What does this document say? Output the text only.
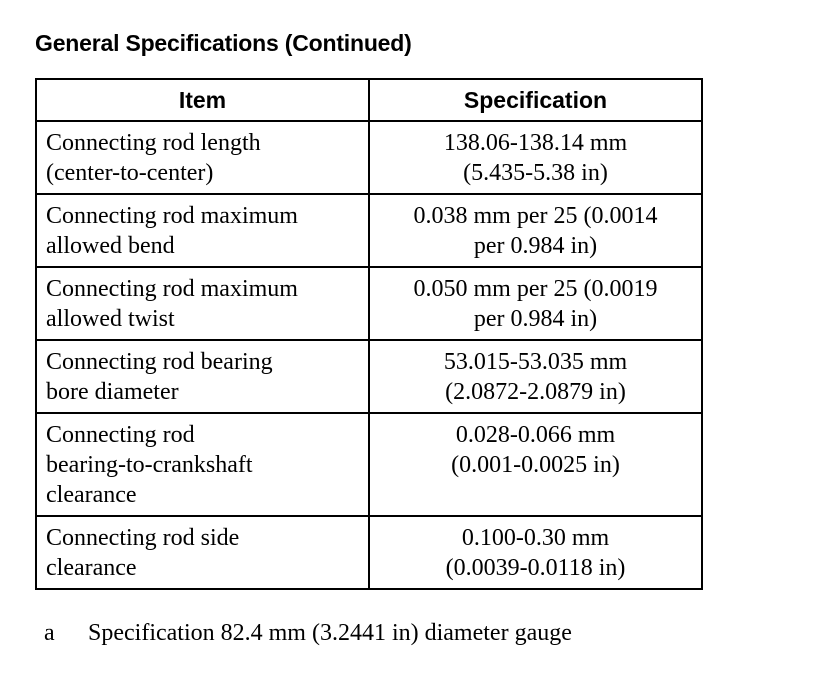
General Specifications (Continued)
Item	Specification

Connecting rod length
(center-to-center)	138.06-138.14 mm
(5.435-5.38 in)

Connecting rod maximum
allowed bend	0.038 mm per 25 (0.0014
per 0.984 in)

Connecting rod maximum
allowed twist	0.050 mm per 25 (0.0019
per 0.984 in)

Connecting rod bearing
bore diameter	53.015-53.035 mm
(2.0872-2.0879 in)

Connecting rod
bearing-to-crankshaft
clearance	0.028-0.066 mm
(0.001-0.0025 in)

Connecting rod side
clearance	0.100-0.30 mm
(0.0039-0.0118 in)
a Specification 82.4 mm (3.2441 in) diameter gauge
